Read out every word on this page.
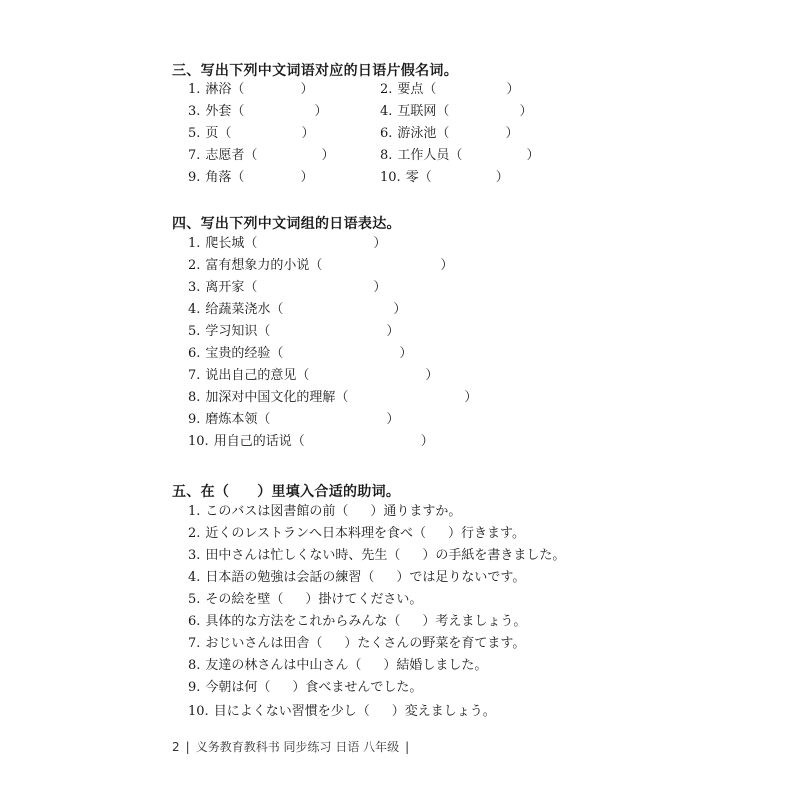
三、写出下列中文词语对应的日语片假名词。
1. 淋浴（	）	2. 要点（	）
3. 外套（	）	4. 互联网（	）
5. 页（	）	6. 游泳池（	）
7. 志愿者（	）	8. 工作人员（	）
9. 角落（	）	10. 零（	）
四、写出下列中文词组的日语表达。
1. 爬长城（	）
2. 富有想象力的小说（	）
3. 离开家（	）
4. 给蔬菜浇水（	）
5. 学习知识（	）
6. 宝贵的经验（	）
7. 说出自己的意见（	）
8. 加深对中国文化的理解（	）
9. 磨炼本领（	）
10. 用自己的话说（	）
五、在（ ）里填入合适的助词。
1. このバスは図書館の前（ ）通りますか。
2. 近くのレストランへ日本料理を食べ（ ）行きます。
3. 田中さんは忙しくない時、先生（ ）の手紙を書きました。
4. 日本語の勉強は会話の練習（ ）では足りないです。
5. その絵を壁（ ）掛けてください。
6. 具体的な方法をこれからみんな（ ）考えましょう。
7. おじいさんは田舎（ ）たくさんの野菜を育てます。
8. 友達の林さんは中山さん（ ）結婚しました。
9. 今朝は何（ ）食べませんでした。
10. 目によくない習慣を少し（ ）変えましょう。
2 | 义务教育教科书 同步练习 日语 八年级 |
